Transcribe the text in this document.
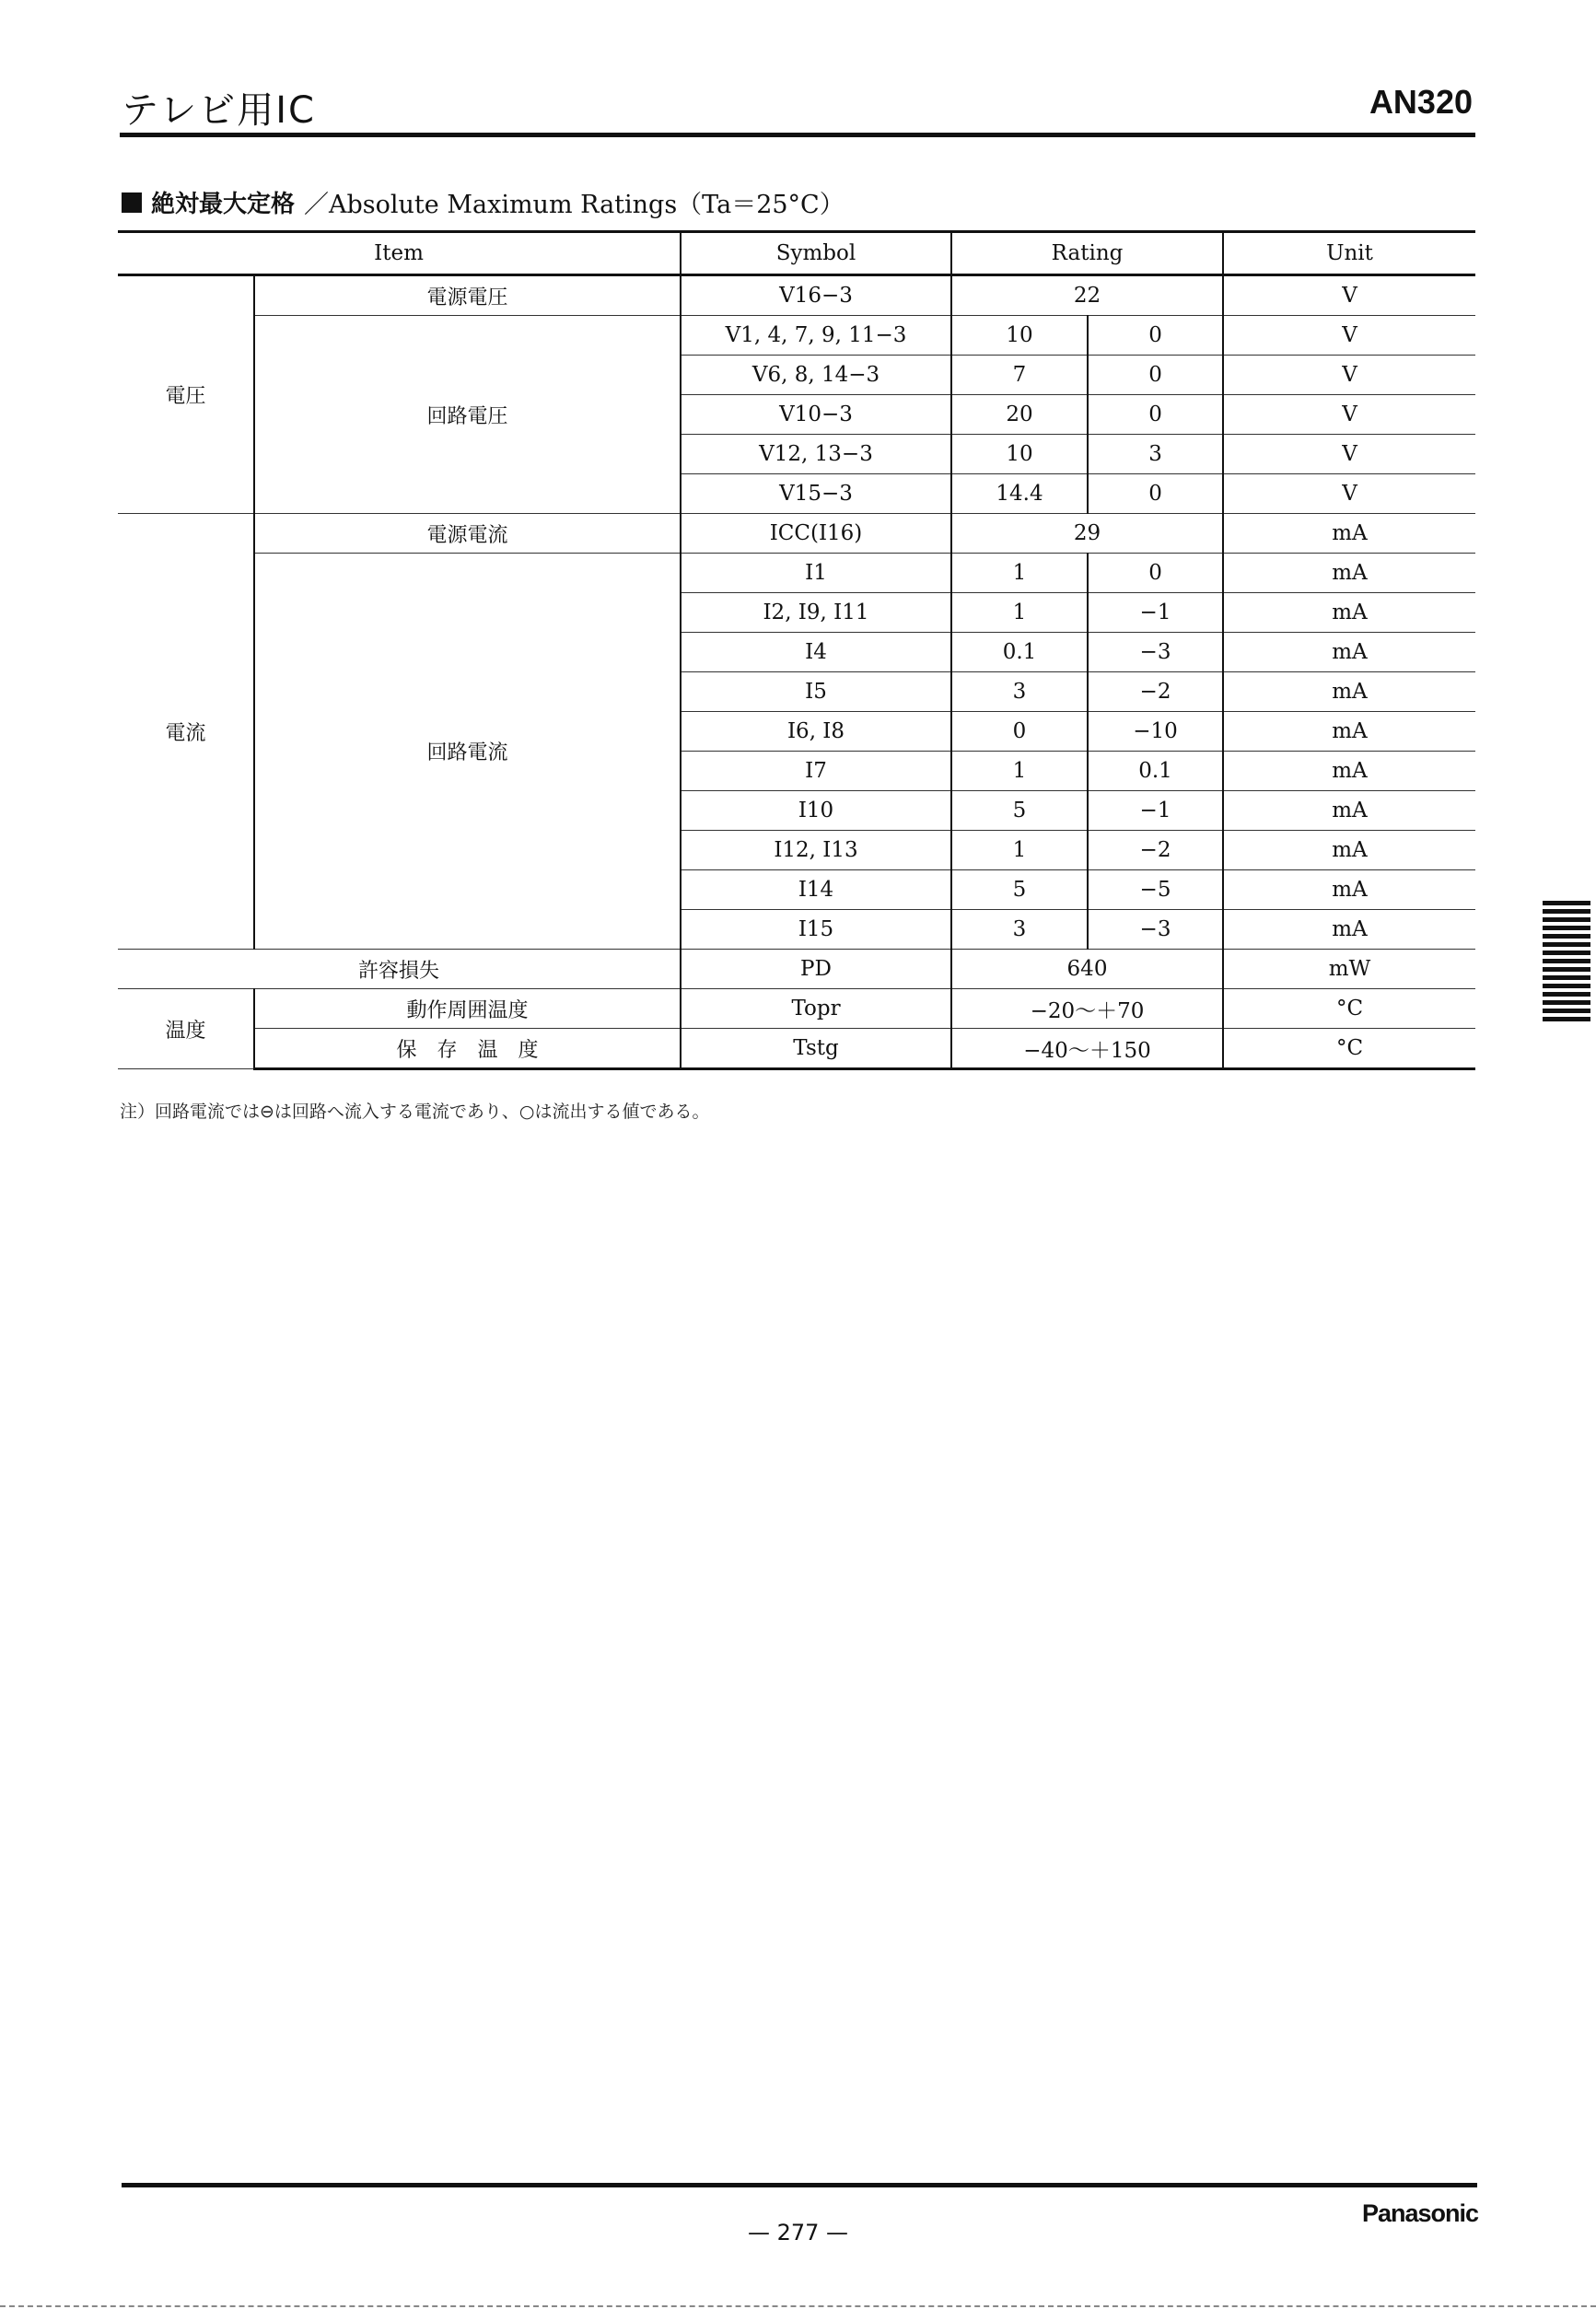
テレビ用IC	AN320
絶対最大定格 ／Absolute Maximum Ratings（Ta＝25°C）
Item		Symbol	Rating		Unit
電圧	電源電圧	V16−3	22		V
	回路電圧	V1, 4, 7, 9, 11−3	10	0	V
		V6, 8, 14−3	7	0	V
		V10−3	20	0	V
		V12, 13−3	10	3	V
		V15−3	14.4	0	V
電流	電源電流	ICC(I16)	29		mA
	回路電流	I1	1	0	mA
		I2, I9, I11	1	−1	mA
		I4	0.1	−3	mA
		I5	3	−2	mA
		I6, I8	0	−10	mA
		I7	1	0.1	mA
		I10	5	−1	mA
		I12, I13	1	−2	mA
		I14	5	−5	mA
		I15	3	−3	mA
許容損失		PD	640		mW
温度	動作周囲温度	Topr	−20～＋70		°C
	保　存　温　度	Tstg	−40～＋150		°C
注）回路電流では⊖は回路へ流入する電流であり、○は流出する値である。
Panasonic
— 277 —
